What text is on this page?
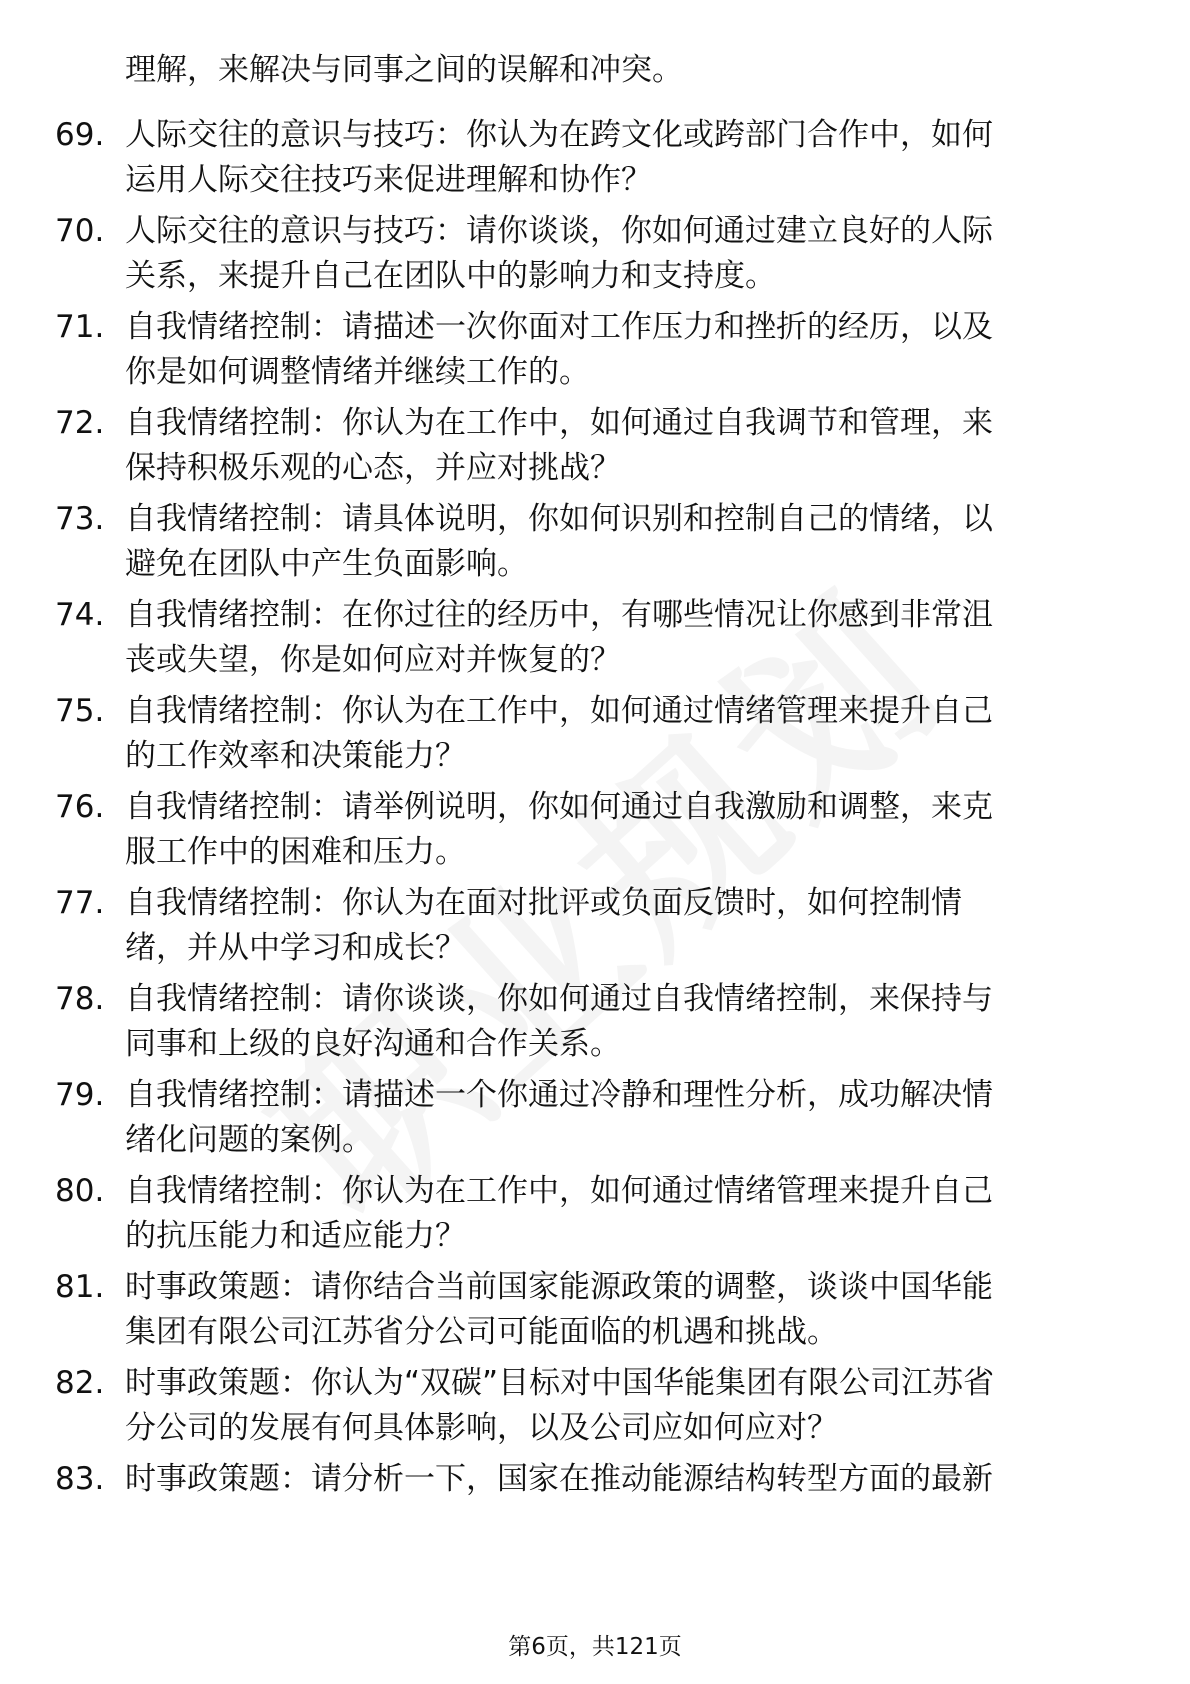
理解，来解决与同事之间的误解和冲突。
69. 人际交往的意识与技巧：你认为在跨文化或跨部门合作中，如何
运用人际交往技巧来促进理解和协作？
70. 人际交往的意识与技巧：请你谈谈，你如何通过建立良好的人际
关系，来提升自己在团队中的影响力和支持度。
71. 自我情绪控制：请描述一次你面对工作压力和挫折的经历，以及
你是如何调整情绪并继续工作的。
72. 自我情绪控制：你认为在工作中，如何通过自我调节和管理，来
保持积极乐观的心态，并应对挑战？
73. 自我情绪控制：请具体说明，你如何识别和控制自己的情绪，以
避免在团队中产生负面影响。
74. 自我情绪控制：在你过往的经历中，有哪些情况让你感到非常沮
丧或失望，你是如何应对并恢复的？
75. 自我情绪控制：你认为在工作中，如何通过情绪管理来提升自己
的工作效率和决策能力？
76. 自我情绪控制：请举例说明，你如何通过自我激励和调整，来克
服工作中的困难和压力。
77. 自我情绪控制：你认为在面对批评或负面反馈时，如何控制情
绪，并从中学习和成长？
78. 自我情绪控制：请你谈谈，你如何通过自我情绪控制，来保持与
同事和上级的良好沟通和合作关系。
79. 自我情绪控制：请描述一个你通过冷静和理性分析，成功解决情
绪化问题的案例。
80. 自我情绪控制：你认为在工作中，如何通过情绪管理来提升自己
的抗压能力和适应能力？
81. 时事政策题：请你结合当前国家能源政策的调整，谈谈中国华能
集团有限公司江苏省分公司可能面临的机遇和挑战。
82. 时事政策题：你认为“双碳”目标对中国华能集团有限公司江苏省
分公司的发展有何具体影响，以及公司应如何应对？
83. 时事政策题：请分析一下，国家在推动能源结构转型方面的最新
第6页，共121页
